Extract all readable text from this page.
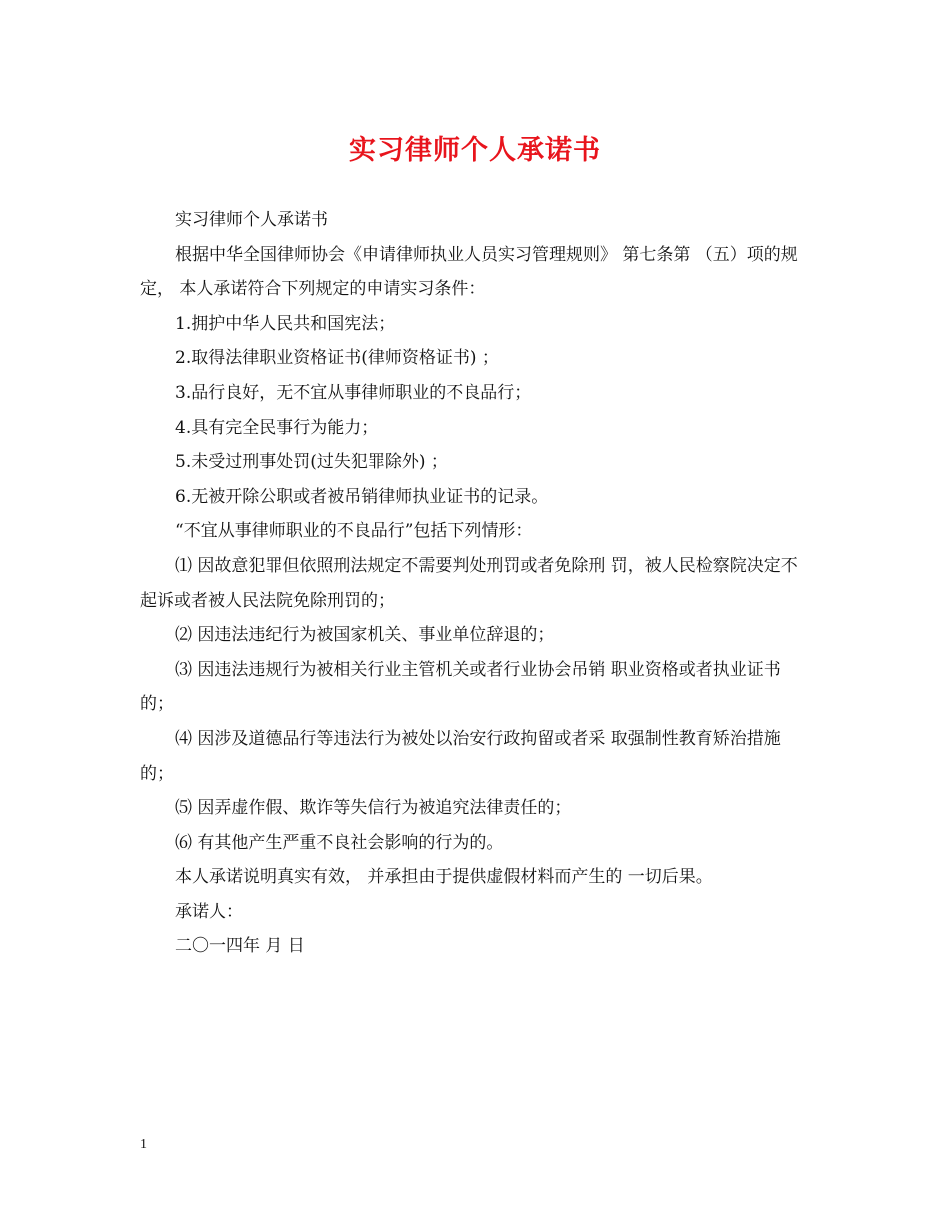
实习律师个人承诺书

实习律师个人承诺书

根据中华全国律师协会《申请律师执业人员实习管理规则》 第七条第 （五）项的规定， 本人承诺符合下列规定的申请实习条件：

1.拥护中华人民共和国宪法；

2.取得法律职业资格证书(律师资格证书) ；

3.品行良好，无不宜从事律师职业的不良品行；

4.具有完全民事行为能力；

5.未受过刑事处罚(过失犯罪除外) ；

6.无被开除公职或者被吊销律师执业证书的记录。

“不宜从事律师职业的不良品行”包括下列情形：

⑴ 因故意犯罪但依照刑法规定不需要判处刑罚或者免除刑 罚，被人民检察院决定不起诉或者被人民法院免除刑罚的；

⑵ 因违法违纪行为被国家机关、事业单位辞退的；

⑶ 因违法违规行为被相关行业主管机关或者行业协会吊销 职业资格或者执业证书的；

⑷ 因涉及道德品行等违法行为被处以治安行政拘留或者采 取强制性教育矫治措施的；

⑸ 因弄虚作假、欺诈等失信行为被追究法律责任的；

⑹ 有其他产生严重不良社会影响的行为的。

本人承诺说明真实有效， 并承担由于提供虚假材料而产生的 一切后果。

承诺人：

二〇一四年 月 日

1
